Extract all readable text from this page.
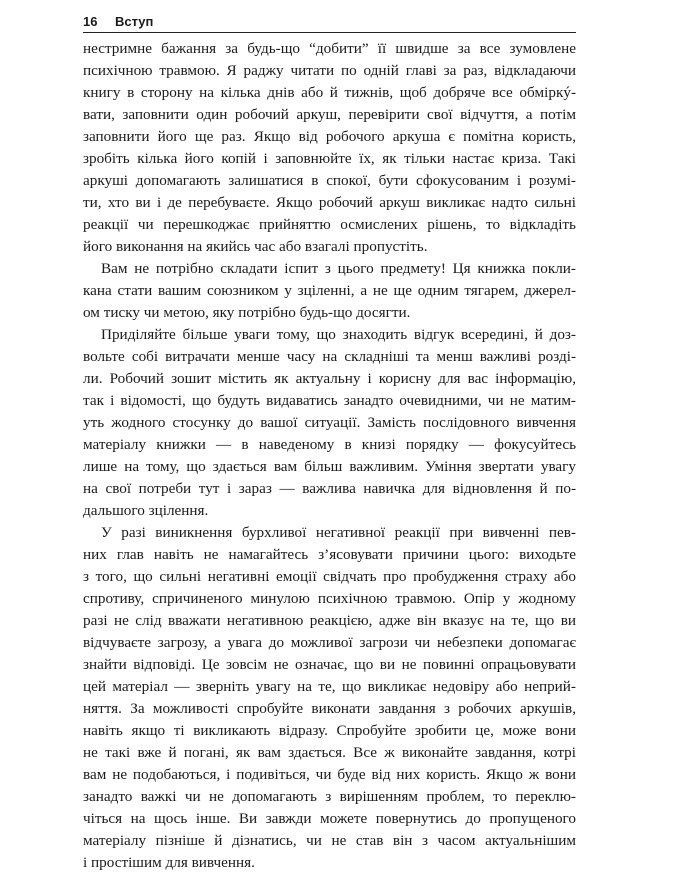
16 Вступ
нестримне бажання за будь-що “добити” її швидше за все зумовлене
психічною травмою. Я раджу читати по одній главі за раз, відкладаючи
книгу в сторону на кілька днів або й тижнів, щоб добряче все обміркý-
вати, заповнити один робочий аркуш, перевірити свої відчуття, а потім
заповнити його ще раз. Якщо від робочого аркуша є помітна користь,
зробіть кілька його копій і заповнюйте їх, як тільки настає криза. Такі
аркуші допомагають залишатися в спокої, бути сфокусованим і розумі-
ти, хто ви і де перебуваєте. Якщо робочий аркуш викликає надто сильні
реакції чи перешкоджає прийняттю осмислених рішень, то відкладіть
його виконання на якийсь час або взагалі пропустіть.
Вам не потрібно складати іспит з цього предмету! Ця книжка покли-
кана стати вашим союзником у зціленні, а не ще одним тягарем, джерел-
ом тиску чи метою, яку потрібно будь-що досягти.
Приділяйте більше уваги тому, що знаходить відгук всередині, й доз-
вольте собі витрачати менше часу на складніші та менш важливі розді-
ли. Робочий зошит містить як актуальну і корисну для вас інформацію,
так і відомості, що будуть видаватись занадто очевидними, чи не матим-
уть жодного стосунку до вашої ситуації. Замість послідовного вивчення
матеріалу книжки — в наведеному в книзі порядку — фокусуйтесь
лише на тому, що здається вам більш важливим. Уміння звертати увагу
на свої потреби тут і зараз — важлива навичка для відновлення й по-
дальшого зцілення.
У разі виникнення бурхливої негативної реакції при вивченні пев-
них глав навіть не намагайтесь з’ясовувати причини цього: виходьте
з того, що сильні негативні емоції свідчать про пробудження страху або
спротиву, спричиненого минулою психічною травмою. Опір у жодному
разі не слід вважати негативною реакцією, адже він вказує на те, що ви
відчуваєте загрозу, а увага до можливої загрози чи небезпеки допомагає
знайти відповіді. Це зовсім не означає, що ви не повинні опрацьовувати
цей матеріал — зверніть увагу на те, що викликає недовіру або неприй-
няття. За можливості спробуйте виконати завдання з робочих аркушів,
навіть якщо ті викликають відразу. Спробуйте зробити це, може вони
не такі вже й погані, як вам здається. Все ж виконайте завдання, котрі
вам не подобаються, і подивіться, чи буде від них користь. Якщо ж вони
занадто важкі чи не допомагають з вирішенням проблем, то переклю-
чіться на щось інше. Ви завжди можете повернутись до пропущеного
матеріалу пізніше й дізнатись, чи не став він з часом актуальнішим
і простішим для вивчення.
